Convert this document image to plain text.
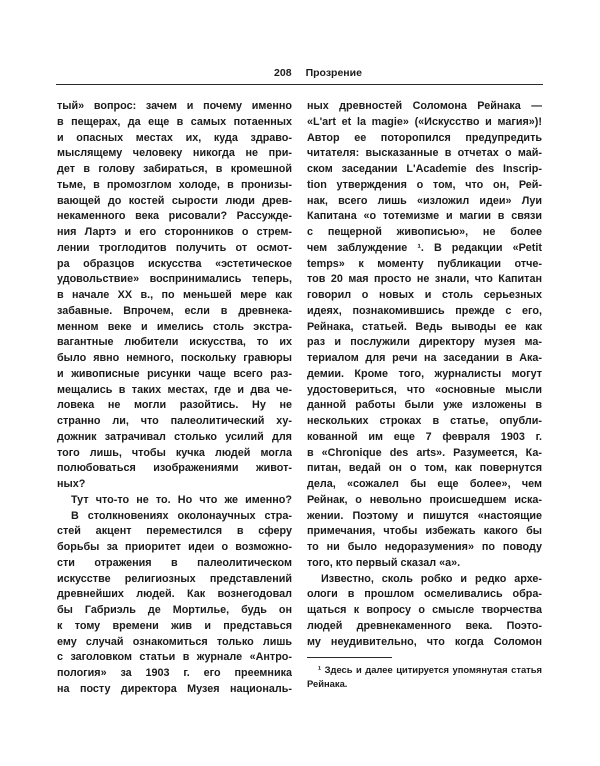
208 Прозрение
тый» вопрос: зачем и почему именно
в пещерах, да еще в самых потаенных
и опасных местах их, куда здраво-
мыслящему человеку никогда не при-
дет в голову забираться, в кромешной
тьме, в промозглом холоде, в пронизы-
вающей до костей сырости люди древ-
некаменного века рисовали? Рассужде-
ния Лартэ и его сторонников о стрем-
лении троглодитов получить от осмот-
ра образцов искусства «эстетическое
удовольствие» воспринимались теперь,
в начале XX в., по меньшей мере как
забавные. Впрочем, если в древнека-
менном веке и имелись столь экстра-
вагантные любители искусства, то их
было явно немного, поскольку гравюры
и живописные рисунки чаще всего раз-
мещались в таких местах, где и два че-
ловека не могли разойтись. Ну не
странно ли, что палеолитический ху-
дожник затрачивал столько усилий для
того лишь, чтобы кучка людей могла
полюбоваться изображениями живот-
ных?
Тут что-то не то. Но что же именно?
В столкновениях околонаучных стра-
стей акцент переместился в сферу
борьбы за приоритет идеи о возможно-
сти отражения в палеолитическом
искусстве религиозных представлений
древнейших людей. Как вознегодовал
бы Габриэль де Мортилье, будь он
к тому времени жив и представься
ему случай ознакомиться только лишь
с заголовком статьи в журнале «Антро-
пология» за 1903 г. его преемника
на посту директора Музея националь-
ных древностей Соломона Рейнака —
«L'art et la magie» («Искусство и магия»)!
Автор ее поторопился предупредить
читателя: высказанные в отчетах о май-
ском заседании L'Academie des Inscrip-
tion утверждения о том, что он, Рей-
нак, всего лишь «изложил идеи» Луи
Капитана «о тотемизме и магии в связи
с пещерной живописью», не более
чем заблуждение ¹. В редакции «Petit
temps» к моменту публикации отче-
тов 20 мая просто не знали, что Капитан
говорил о новых и столь серьезных
идеях, познакомившись прежде с его,
Рейнака, статьей. Ведь выводы ее как
раз и послужили директору музея ма-
териалом для речи на заседании в Ака-
демии. Кроме того, журналисты могут
удостовериться, что «основные мысли
данной работы были уже изложены в
нескольких строках в статье, опубли-
кованной им еще 7 февраля 1903 г.
в «Chronique des arts». Разумеется, Ка-
питан, ведай он о том, как повернутся
дела, «сожалел бы еще более», чем
Рейнак, о невольно происшедшем иска-
жении. Поэтому и пишутся «настоящие
примечания, чтобы избежать какого бы
то ни было недоразумения» по поводу
того, кто первый сказал «а».
Известно, сколь робко и редко архе-
ологи в прошлом осмеливались обра-
щаться к вопросу о смысле творчества
людей древнекаменного века. Поэто-
му неудивительно, что когда Соломон
¹ Здесь и далее цитируется упомянутая статья
Рейнака.
